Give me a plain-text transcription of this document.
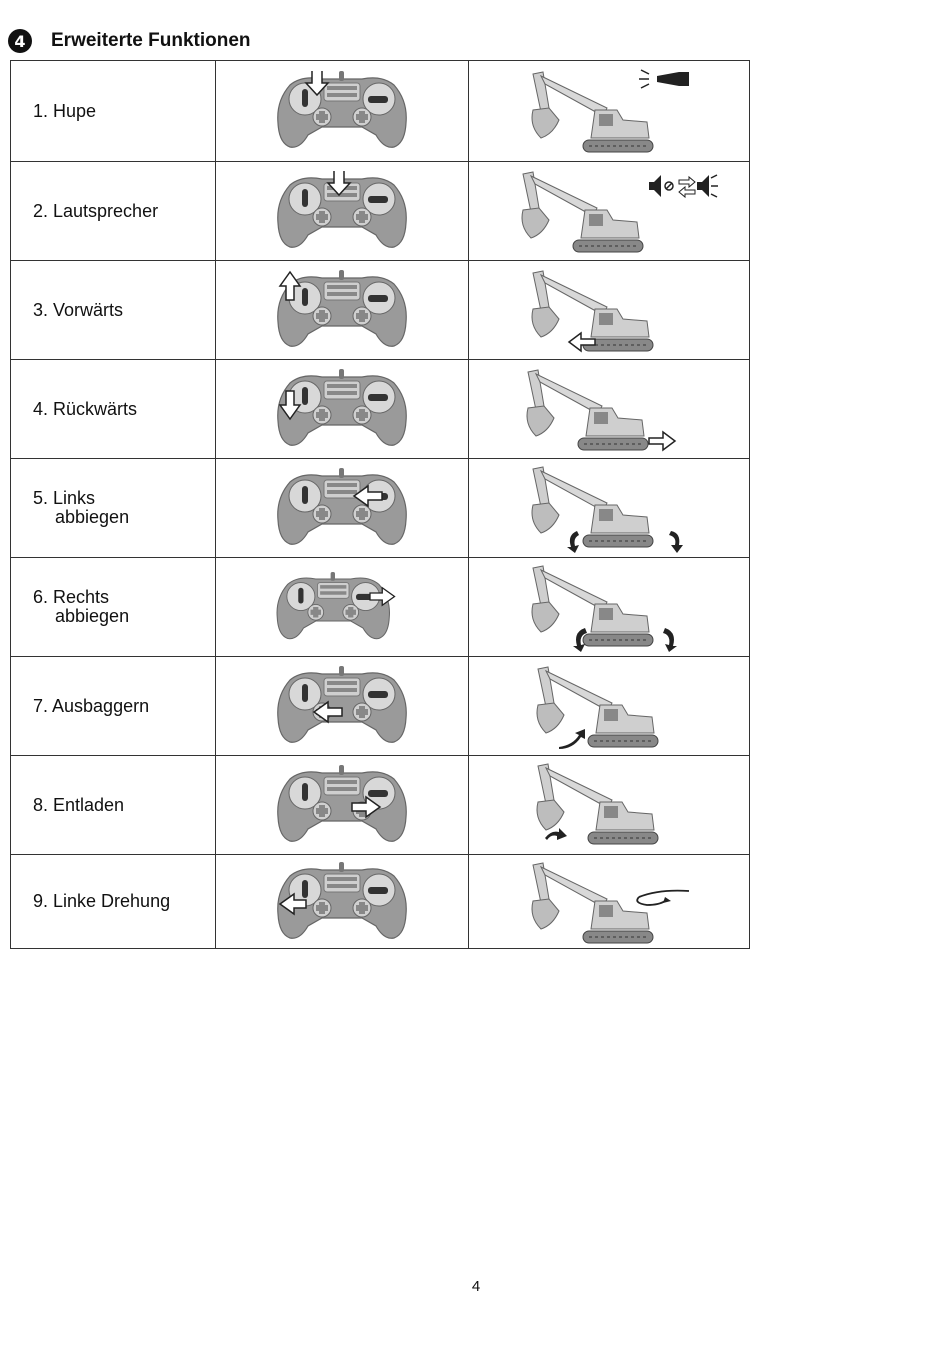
4	Erweiterte Funktionen
1. Hupe

2. Lautsprecher

3. Vorwärts

4. Rückwärts

5. Links
abbiegen

6. Rechts
abbiegen

7. Ausbaggern

8. Entladen

9. Linke Drehung

4
